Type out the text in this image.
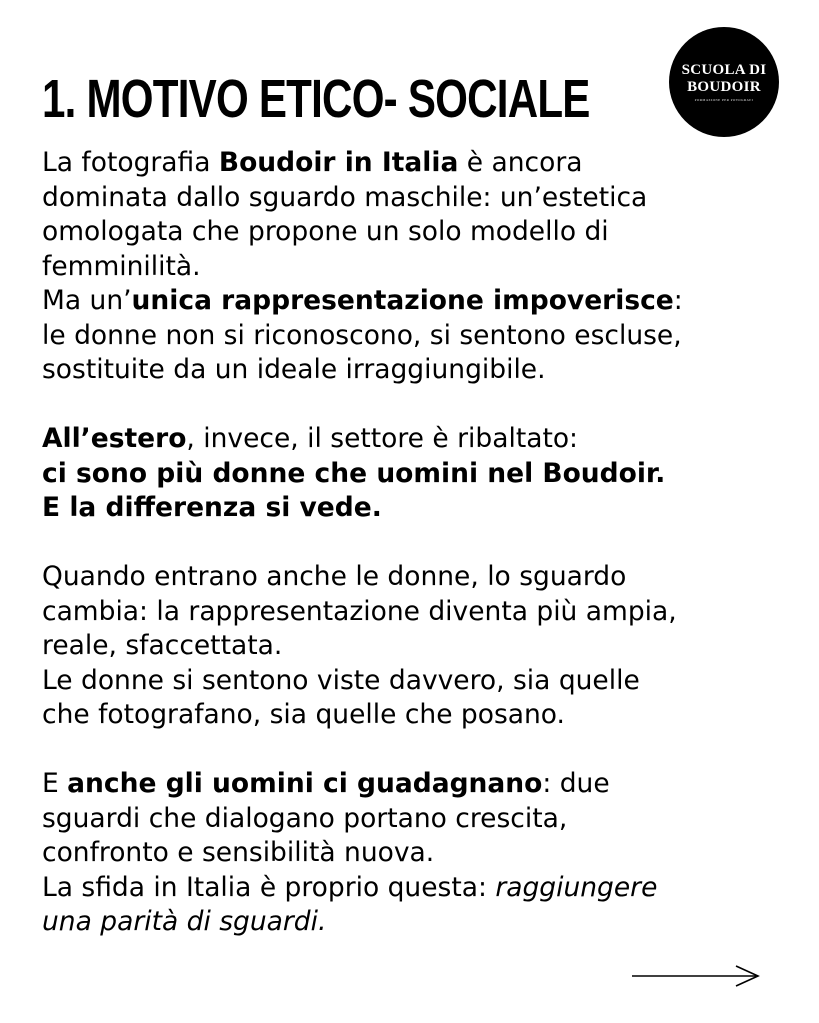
1. MOTIVO ETICO- SOCIALE	SCUOLA DI
BOUDOIR
FORMAZIONE PER FOTOGRAFI
La fotografia Boudoir in Italia è ancora
dominata dallo sguardo maschile: un’estetica
omologata che propone un solo modello di
femminilità.
Ma un’unica rappresentazione impoverisce:
le donne non si riconoscono, si sentono escluse,
sostituite da un ideale irraggiungibile.
All’estero, invece, il settore è ribaltato:
ci sono più donne che uomini nel Boudoir.
E la differenza si vede.
Quando entrano anche le donne, lo sguardo
cambia: la rappresentazione diventa più ampia,
reale, sfaccettata.
Le donne si sentono viste davvero, sia quelle
che fotografano, sia quelle che posano.
E anche gli uomini ci guadagnano: due
sguardi che dialogano portano crescita,
confronto e sensibilità nuova.
La sfida in Italia è proprio questa: raggiungere
una parità di sguardi.
